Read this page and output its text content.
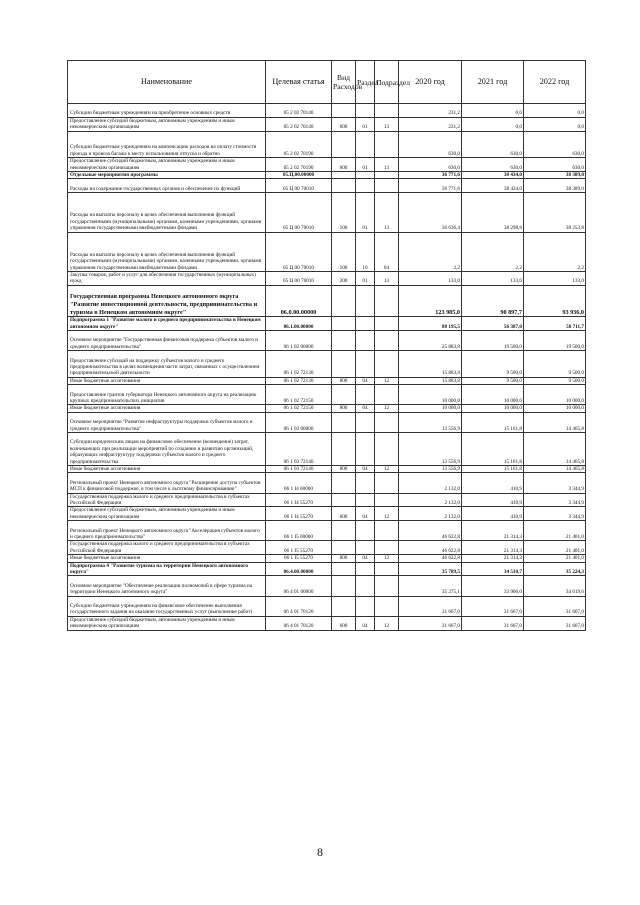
Наименование	Целевая статья	Вид Расходов	Раздел	Подраздел	2020 год	2021 год	2022 год
Субсидии бюджетным учреждениям на приобретение основных средств	05 2 02 70140				231,2	0,0	0,0
Предоставление субсидий бюджетным, автономным учреждениям и иным некоммерческим организациям	05 2 02 70140	600	01	13	231,2	0,0	0,0
Субсидии бюджетным учреждениям на компенсацию расходов на оплату стоимости проезда и провоза багажа к месту использования отпуска и обратно	05 2 02 70190				630,0	630,0	630,0
Предоставление субсидий бюджетным, автономным учреждениям и иным некоммерческим организациям	05 2 02 70190	600	01	13	630,0	630,0	630,0
Отдельные мероприятия программы	05.Ц.00.00000				36 771,6	38 434,0	38 389,0
Расходы на содержание государственных органов и обеспечение их функций	05 Ц 00 70010				36 771,6	38 434,0	38 389,0
Расходы на выплаты персоналу в целях обеспечения выполнения функций государственными (муниципальными) органами, казенными учреждениями, органами управления государственными внебюджетными фондами	05 Ц 00 70010	100	01	13	36 636,4	38 298,8	38 253,8
Расходы на выплаты персоналу в целях обеспечения выполнения функций государственными (муниципальными) органами, казенными учреждениями, органами управления государственными внебюджетными фондами	05 Ц 00 70010	100	10	04	2,2	2,2	2,2
Закупка товаров, работ и услуг для обеспечения государственных (муниципальных) нужд	05 Ц 00 70010	200	01	13	133,0	133,0	133,0
Государственная программа Ненецкого автономного округа "Развитие инвестиционной деятельности, предпринимательства и туризма в Ненецком автономном округе"	06.0.00.00000				123 985,0	90 897,7	93 936,0
Подпрограмма 1 "Развитие малого и среднего предпринимательства в Ненецком автономном округе"	06.1.00.00000				88 195,5	56 387,0	58 711,7
Основное мероприятие "Государственная финансовая поддержка субъектов малого и среднего предпринимательства"	06 1 02 00000				25 883,8	19 500,0	19 500,0
Предоставление субсидий на поддержку субъектов малого и среднего предпринимательства в целях возмещения части затрат, связанных с осуществлением предпринимательской деятельности	06 1 02 72130				15 883,8	9 500,0	9 500,0
Иные бюджетные ассигнования	06 1 02 72130	800	04	12	15 883,8	9 500,0	9 500,0
Предоставление грантов губернатора Ненецкого автономного округа на реализацию крупных предпринимательских инициатив	06 1 02 72150				10 000,0	10 000,0	10 000,0
Иные бюджетные ассигнования	06 1 02 72150	800	04	12	10 000,0	10 000,0	10 000,0
Основное мероприятие "Развитие инфраструктуры поддержки субъектов малого и среднего предпринимательства"	06 1 03 00000				13 556,9	15 161,8	14 465,8
Субсидии юридическим лицам на финансовое обеспечение (возмещение) затрат, возникающих при реализации мероприятий по созданию и развитию организаций, образующих инфраструктуру поддержки субъектов малого и среднего предпринимательства	06 1 03 72140				13 556,9	15 161,8	14 465,8
Иные бюджетные ассигнования	06 1 03 72140	800	04	12	13 556,9	15 161,8	14 465,8
Региональный проект Ненецкого автономного округа "Расширение доступа субъектов МСП к финансовой поддержке, в том числе к льготному финансированию"	06 1 I4 00000				2 132,0	410,9	3 344,9
Государственная поддержка малого и среднего предпринимательства в субъектах Российской Федерации	06 1 I4 55270				2 132,0	410,9	3 344,9
Предоставление субсидий бюджетным, автономным учреждениям и иным некоммерческим организациям	06 1 I4 55270	600	04	12	2 132,0	410,9	3 344,9
Региональный проект Ненецкого автономного округа "Акселерация субъектов малого и среднего предпринимательства"	06 1 I5 00000				46 622,8	21 314,3	21 401,0
Государственная поддержка малого и среднего предпринимательства в субъектах Российской Федерации	06 1 I5 55270				46 622,8	21 314,3	21 401,0
Иные бюджетные ассигнования	06 1 I5 55270	800	04	12	46 622,8	21 314,3	21 401,0
Подпрограмма 4 "Развитие туризма на территории Ненецкого автономного округа"	06.4.00.00000				35 789,5	34 510,7	35 224,3
Основное мероприятие "Обеспечение реализации полномочий в сфере туризма на территории Ненецкого автономного округа"	06 4 01 00000				35 275,1	33 906,0	34 619,6
Субсидии бюджетным учреждениям на финансовое обеспечение выполнения государственного задания на оказание государственных услуг (выполнение работ)	06 4 01 70120				31 667,0	31 667,0	31 667,0
Предоставление субсидий бюджетным, автономным учреждениям и иным некоммерческим организациям	06 4 01 70120	600	04	12	31 667,0	31 667,0	31 667,0
8
